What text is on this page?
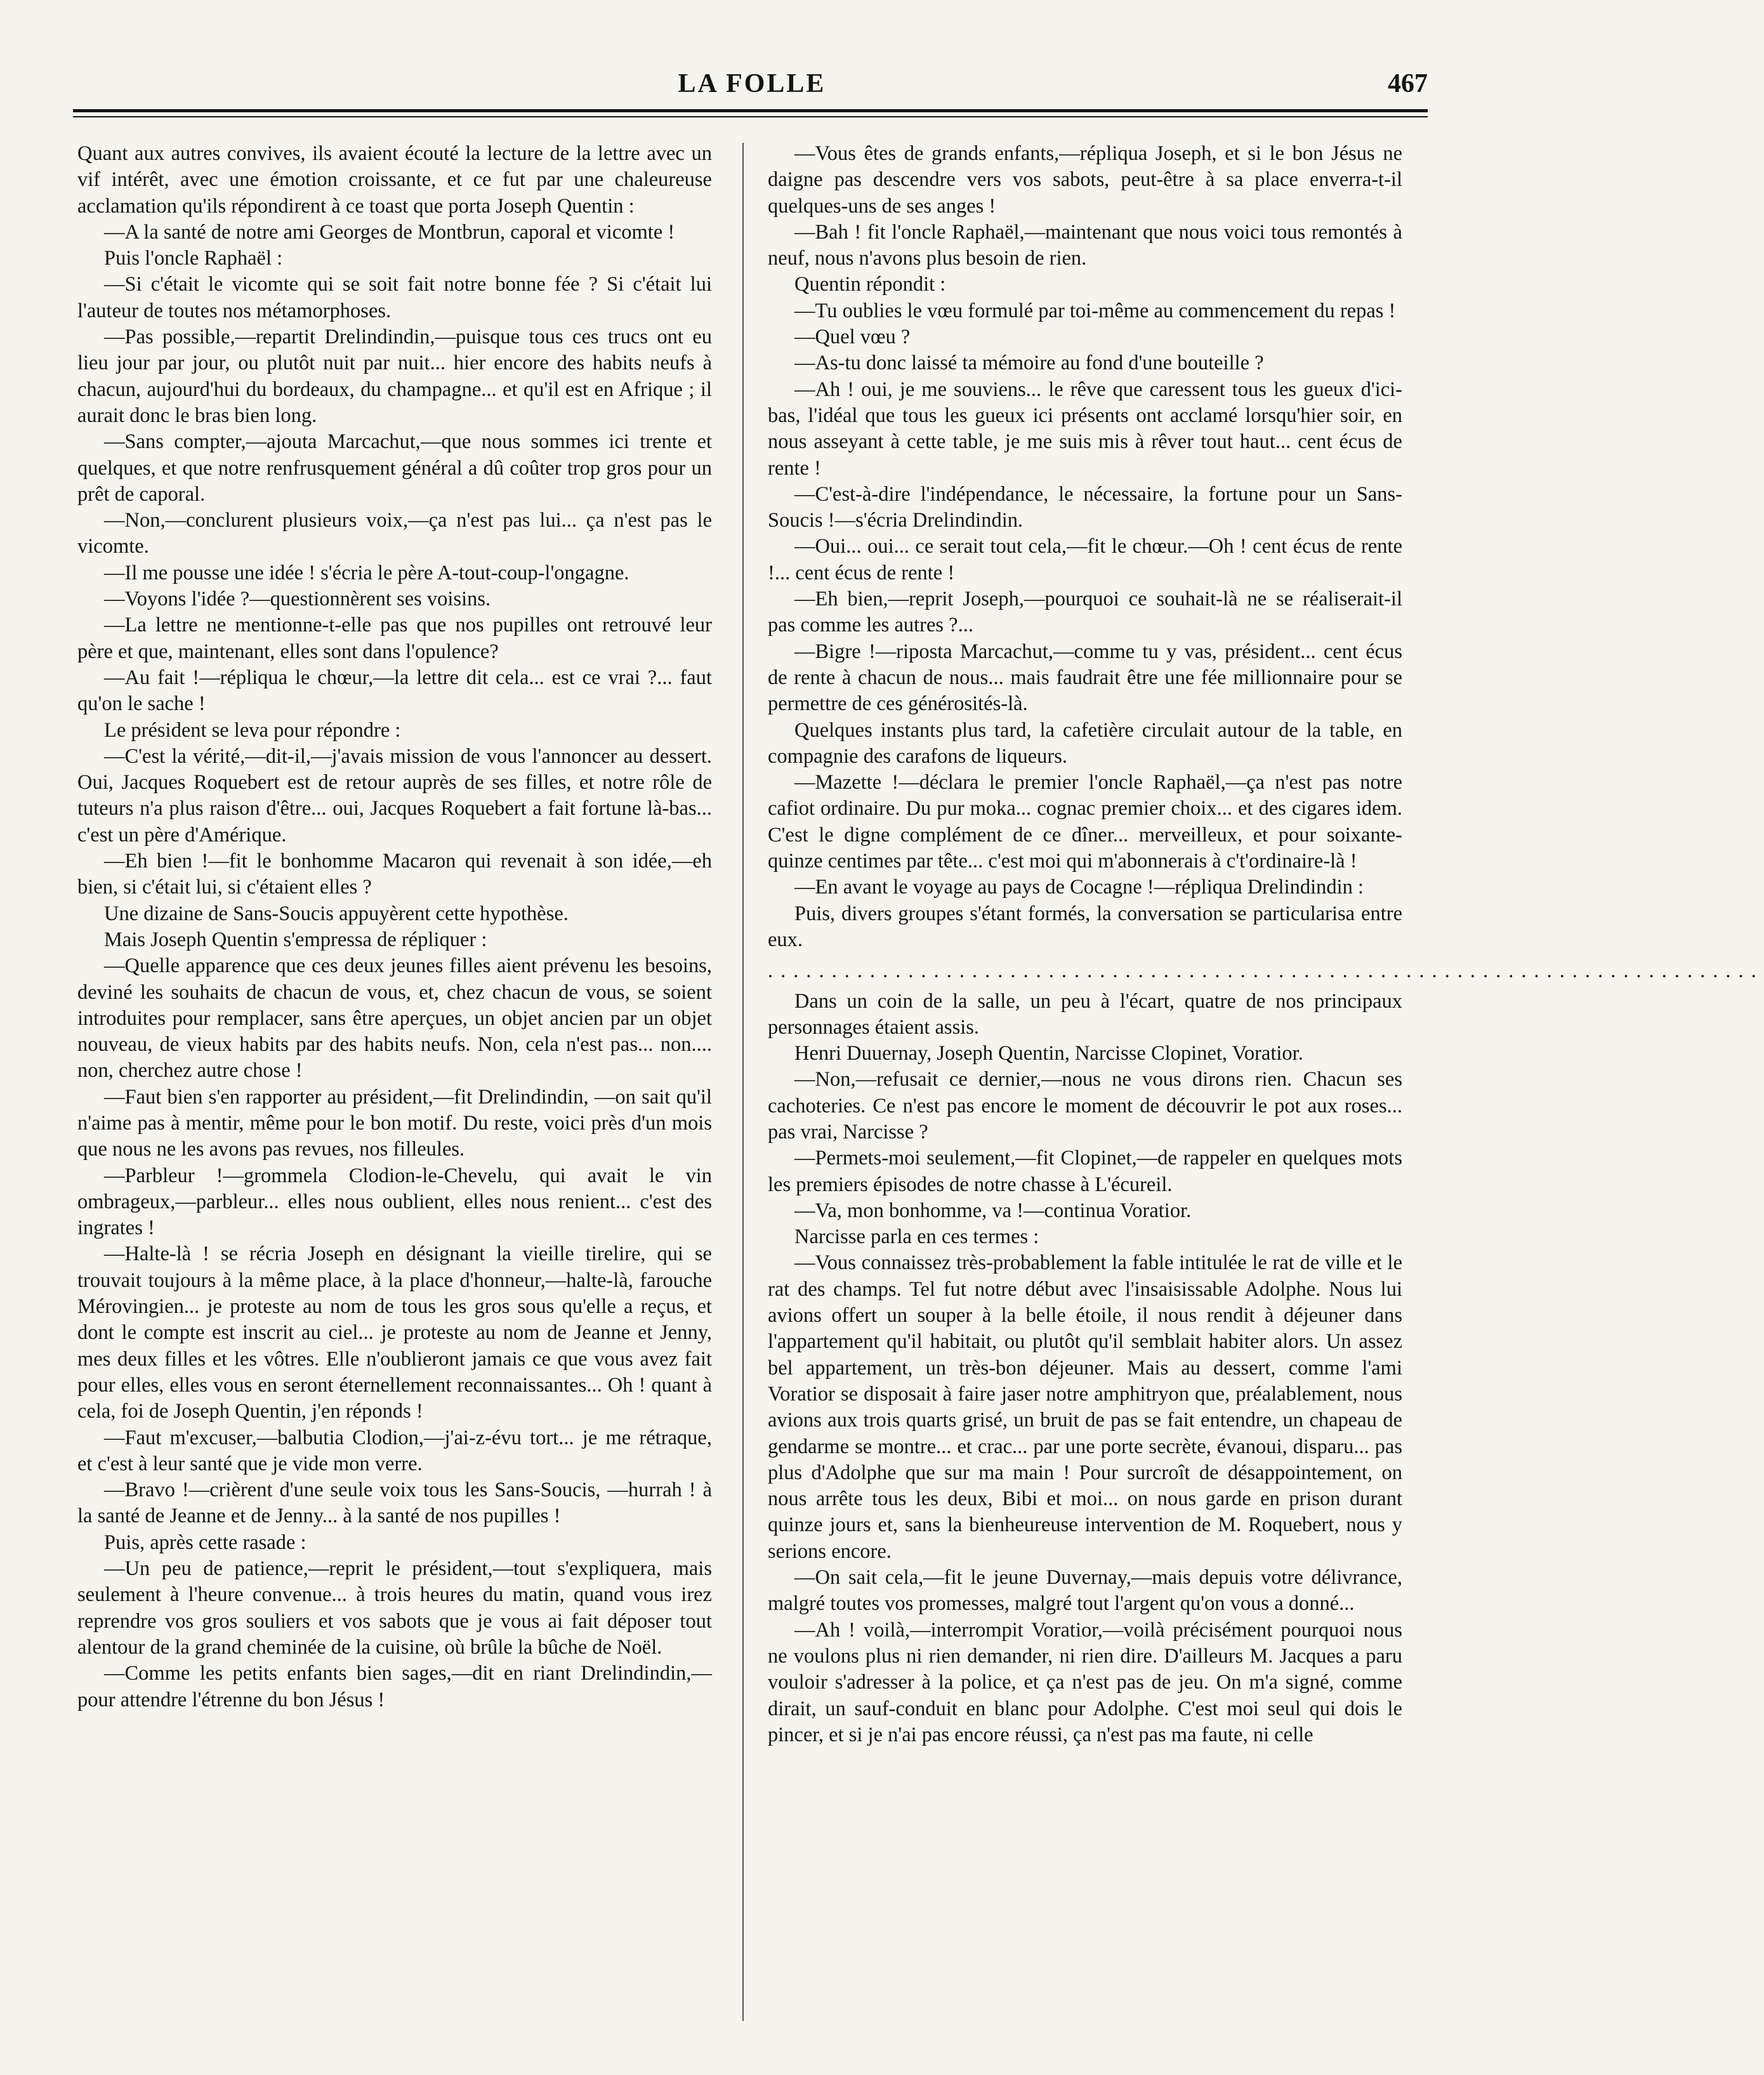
LA FOLLE	467

Quant aux autres convives, ils avaient écouté la lecture de la lettre avec un vif intérêt, avec une émotion croissante, et ce fut par une chaleureuse acclamation qu'ils répondirent à ce toast que porta Joseph Quentin :

—A la santé de notre ami Georges de Montbrun, caporal et vicomte !

Puis l'oncle Raphaël :

—Si c'était le vicomte qui se soit fait notre bonne fée ? Si c'était lui l'auteur de toutes nos métamorphoses.

—Pas possible,—repartit Drelindindin,—puisque tous ces trucs ont eu lieu jour par jour, ou plutôt nuit par nuit... hier encore des habits neufs à chacun, aujourd'hui du bordeaux, du champagne... et qu'il est en Afrique ; il aurait donc le bras bien long.

—Sans compter,—ajouta Marcachut,—que nous sommes ici trente et quelques, et que notre renfrusquement général a dû coûter trop gros pour un prêt de caporal.

—Non,—conclurent plusieurs voix,—ça n'est pas lui... ça n'est pas le vicomte.

—Il me pousse une idée ! s'écria le père A-tout-coup-l'ongagne.

—Voyons l'idée ?—questionnèrent ses voisins.

—La lettre ne mentionne-t-elle pas que nos pupilles ont retrouvé leur père et que, maintenant, elles sont dans l'opulence?

—Au fait !—répliqua le chœur,—la lettre dit cela... est ce vrai ?... faut qu'on le sache !

Le président se leva pour répondre :

—C'est la vérité,—dit-il,—j'avais mission de vous l'annoncer au dessert. Oui, Jacques Roquebert est de retour auprès de ses filles, et notre rôle de tuteurs n'a plus raison d'être... oui, Jacques Roquebert a fait fortune là-bas... c'est un père d'Amérique.

—Eh bien !—fit le bonhomme Macaron qui revenait à son idée,—eh bien, si c'était lui, si c'étaient elles ?

Une dizaine de Sans-Soucis appuyèrent cette hypothèse.

Mais Joseph Quentin s'empressa de répliquer :

—Quelle apparence que ces deux jeunes filles aient prévenu les besoins, deviné les souhaits de chacun de vous, et, chez chacun de vous, se soient introduites pour remplacer, sans être aperçues, un objet ancien par un objet nouveau, de vieux habits par des habits neufs. Non, cela n'est pas... non.... non, cherchez autre chose !

—Faut bien s'en rapporter au président,—fit Drelindindin, —on sait qu'il n'aime pas à mentir, même pour le bon motif. Du reste, voici près d'un mois que nous ne les avons pas revues, nos filleules.

—Parbleur !—grommela Clodion-le-Chevelu, qui avait le vin ombrageux,—parbleur... elles nous oublient, elles nous renient... c'est des ingrates !

—Halte-là ! se récria Joseph en désignant la vieille tirelire, qui se trouvait toujours à la même place, à la place d'honneur,—halte-là, farouche Mérovingien... je proteste au nom de tous les gros sous qu'elle a reçus, et dont le compte est inscrit au ciel... je proteste au nom de Jeanne et Jenny, mes deux filles et les vôtres. Elle n'oublieront jamais ce que vous avez fait pour elles, elles vous en seront éternellement reconnaissantes... Oh ! quant à cela, foi de Joseph Quentin, j'en réponds !

—Faut m'excuser,—balbutia Clodion,—j'ai-z-évu tort... je me rétraque, et c'est à leur santé que je vide mon verre.

—Bravo !—crièrent d'une seule voix tous les Sans-Soucis, —hurrah ! à la santé de Jeanne et de Jenny... à la santé de nos pupilles !

Puis, après cette rasade :

—Un peu de patience,—reprit le président,—tout s'expliquera, mais seulement à l'heure convenue... à trois heures du matin, quand vous irez reprendre vos gros souliers et vos sabots que je vous ai fait déposer tout alentour de la grand cheminée de la cuisine, où brûle la bûche de Noël.

—Comme les petits enfants bien sages,—dit en riant Drelindindin,—pour attendre l'étrenne du bon Jésus !

—Vous êtes de grands enfants,—répliqua Joseph, et si le bon Jésus ne daigne pas descendre vers vos sabots, peut-être à sa place enverra-t-il quelques-uns de ses anges !

—Bah ! fit l'oncle Raphaël,—maintenant que nous voici tous remontés à neuf, nous n'avons plus besoin de rien.

Quentin répondit :

—Tu oublies le vœu formulé par toi-même au commencement du repas !

—Quel vœu ?

—As-tu donc laissé ta mémoire au fond d'une bouteille ?

—Ah ! oui, je me souviens... le rêve que caressent tous les gueux d'ici-bas, l'idéal que tous les gueux ici présents ont acclamé lorsqu'hier soir, en nous asseyant à cette table, je me suis mis à rêver tout haut... cent écus de rente !

—C'est-à-dire l'indépendance, le nécessaire, la fortune pour un Sans-Soucis !—s'écria Drelindindin.

—Oui... oui... ce serait tout cela,—fit le chœur.—Oh ! cent écus de rente !... cent écus de rente !

—Eh bien,—reprit Joseph,—pourquoi ce souhait-là ne se réaliserait-il pas comme les autres ?...

—Bigre !—riposta Marcachut,—comme tu y vas, président... cent écus de rente à chacun de nous... mais faudrait être une fée millionnaire pour se permettre de ces générosités-là.

Quelques instants plus tard, la cafetière circulait autour de la table, en compagnie des carafons de liqueurs.

—Mazette !—déclara le premier l'oncle Raphaël,—ça n'est pas notre cafiot ordinaire. Du pur moka... cognac premier choix... et des cigares idem. C'est le digne complément de ce dîner... merveilleux, et pour soixante-quinze centimes par tête... c'est moi qui m'abonnerais à c't'ordinaire-là !

—En avant le voyage au pays de Cocagne !—répliqua Drelindindin :

Puis, divers groupes s'étant formés, la conversation se particularisa entre eux.

..............................................................................

Dans un coin de la salle, un peu à l'écart, quatre de nos principaux personnages étaient assis.

Henri Duuernay, Joseph Quentin, Narcisse Clopinet, Voratior.

—Non,—refusait ce dernier,—nous ne vous dirons rien. Chacun ses cachoteries. Ce n'est pas encore le moment de découvrir le pot aux roses... pas vrai, Narcisse ?

—Permets-moi seulement,—fit Clopinet,—de rappeler en quelques mots les premiers épisodes de notre chasse à L'écureil.

—Va, mon bonhomme, va !—continua Voratior.

Narcisse parla en ces termes :

—Vous connaissez très-probablement la fable intitulée le rat de ville et le rat des champs. Tel fut notre début avec l'insaisissable Adolphe. Nous lui avions offert un souper à la belle étoile, il nous rendit à déjeuner dans l'appartement qu'il habitait, ou plutôt qu'il semblait habiter alors. Un assez bel appartement, un très-bon déjeuner. Mais au dessert, comme l'ami Voratior se disposait à faire jaser notre amphitryon que, préalablement, nous avions aux trois quarts grisé, un bruit de pas se fait entendre, un chapeau de gendarme se montre... et crac... par une porte secrète, évanoui, disparu... pas plus d'Adolphe que sur ma main ! Pour surcroît de désappointement, on nous arrête tous les deux, Bibi et moi... on nous garde en prison durant quinze jours et, sans la bienheureuse intervention de M. Roquebert, nous y serions encore.

—On sait cela,—fit le jeune Duvernay,—mais depuis votre délivrance, malgré toutes vos promesses, malgré tout l'argent qu'on vous a donné...

—Ah ! voilà,—interrompit Voratior,—voilà précisément pourquoi nous ne voulons plus ni rien demander, ni rien dire. D'ailleurs M. Jacques a paru vouloir s'adresser à la police, et ça n'est pas de jeu. On m'a signé, comme dirait, un sauf-conduit en blanc pour Adolphe. C'est moi seul qui dois le pincer, et si je n'ai pas encore réussi, ça n'est pas ma faute, ni celle
